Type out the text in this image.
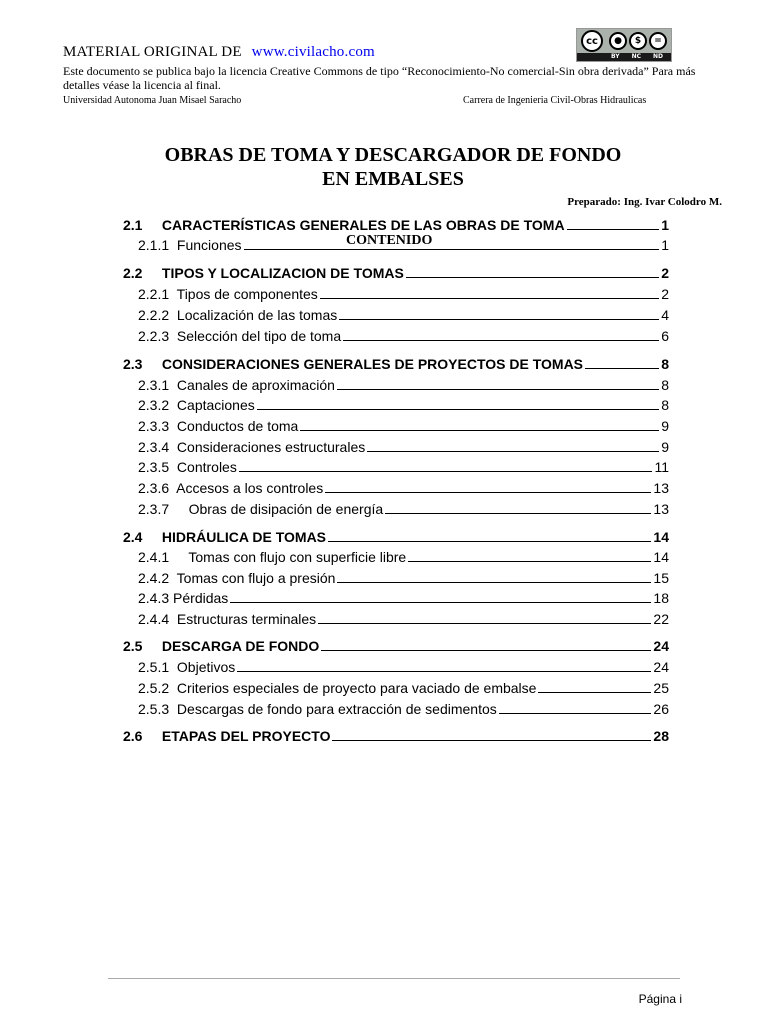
MATERIAL ORIGINAL DE www.civilacho.com
Este documento se publica bajo la licencia Creative Commons de tipo “Reconocimiento-No comercial-Sin obra derivada” Para más detalles véase la licencia al final.
Universidad Autonoma Juan Misael Saracho	Carrera de Ingenieria Civil-Obras Hidraulicas
cc	●	$	=
BY NC ND
OBRAS DE TOMA Y DESCARGADOR DE FONDO
EN EMBALSES
Preparado: Ing. Ivar Colodro M.
2.1     CARACTERÍSTICAS GENERALES DE LAS OBRAS DE TOMA	1
2.1.1  Funciones	1
2.2     TIPOS Y LOCALIZACION DE TOMAS	2
2.2.1  Tipos de componentes	2
2.2.2  Localización de las tomas	4
2.2.3  Selección del tipo de toma	6
2.3     CONSIDERACIONES GENERALES DE PROYECTOS DE TOMAS	8
2.3.1  Canales de aproximación	8
2.3.2  Captaciones	8
2.3.3  Conductos de toma	9
2.3.4  Consideraciones estructurales	9
2.3.5  Controles	11
2.3.6  Accesos a los controles	13
2.3.7     Obras de disipación de energía	13
2.4     HIDRÁULICA DE TOMAS	14
2.4.1     Tomas con flujo con superficie libre	14
2.4.2  Tomas con flujo a presión	15
2.4.3 Pérdidas	18
2.4.4  Estructuras terminales	22
2.5     DESCARGA DE FONDO	24
2.5.1  Objetivos	24
2.5.2  Criterios especiales de proyecto para vaciado de embalse	25
2.5.3  Descargas de fondo para extracción de sedimentos	26
2.6     ETAPAS DEL PROYECTO	28
CONTENIDO
Página i
